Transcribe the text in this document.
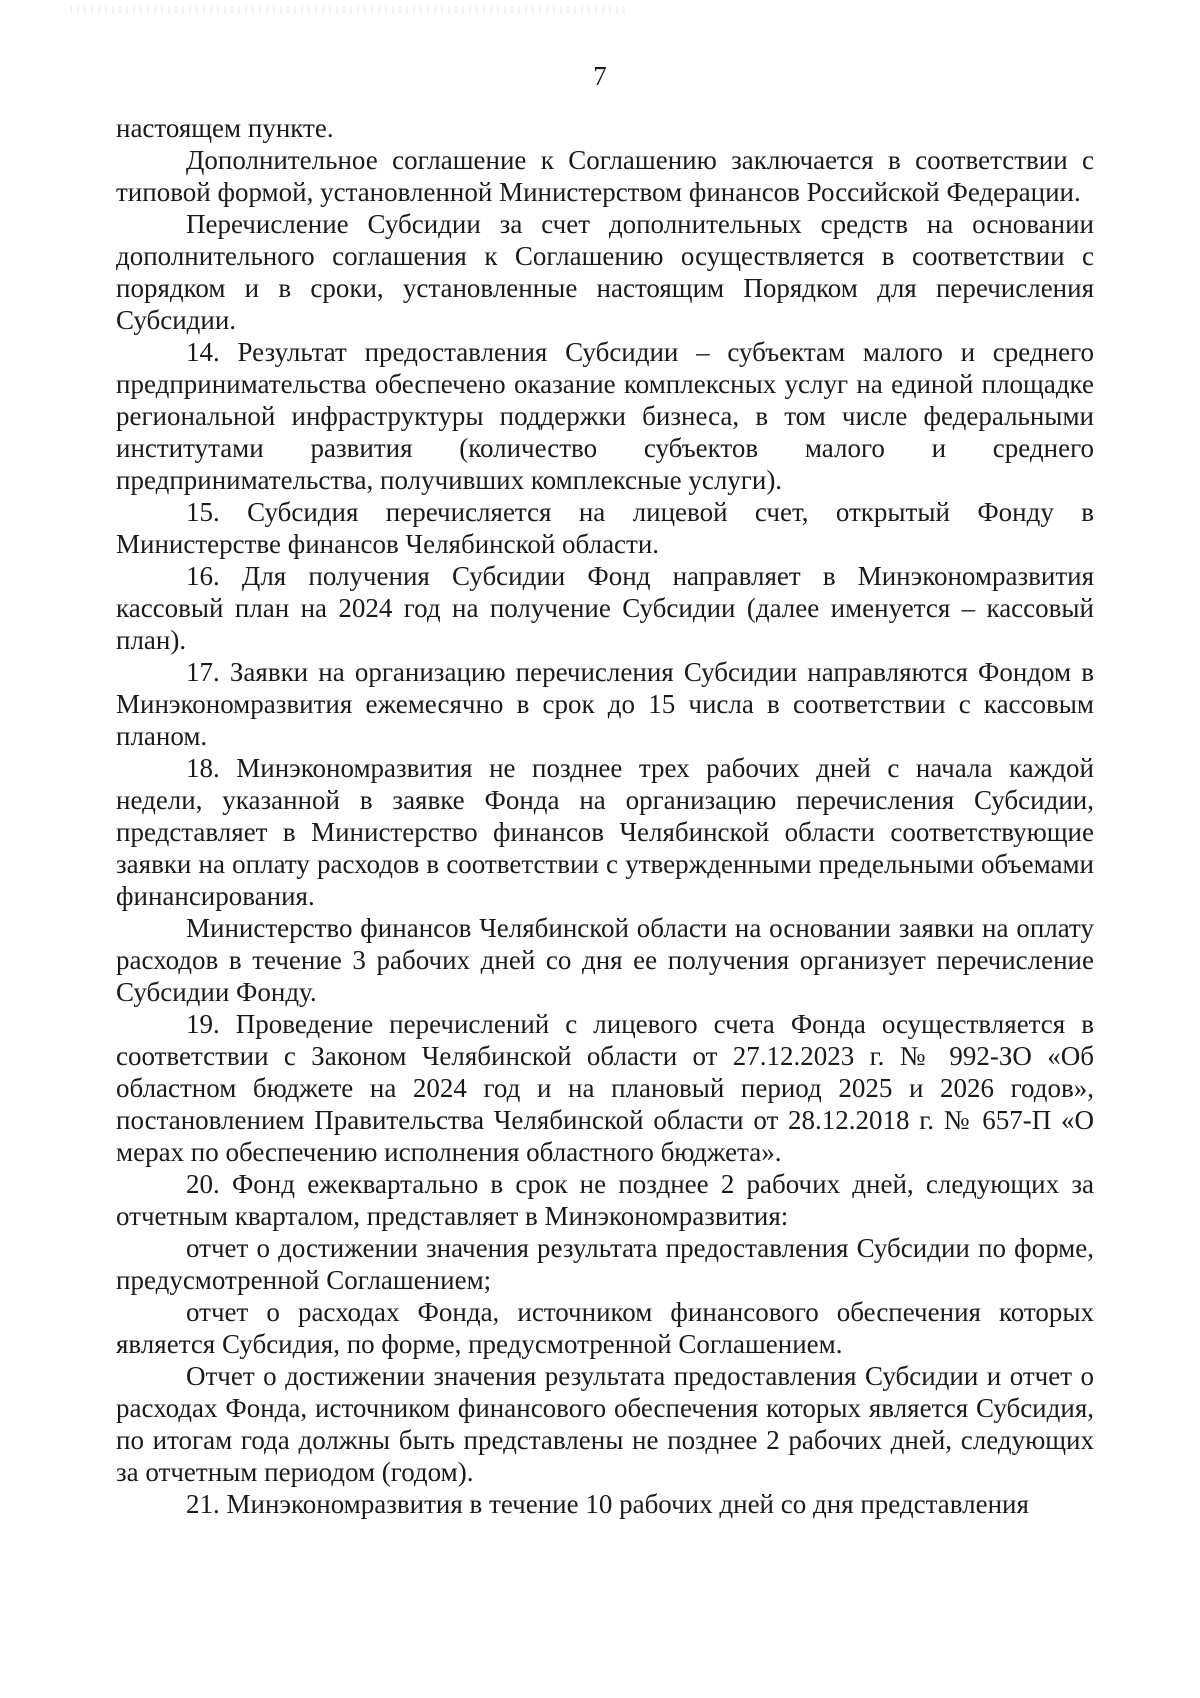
7

настоящем пункте.

Дополнительное соглашение к Соглашению заключается в соответствии с типовой формой, установленной Министерством финансов Российской Федерации.

Перечисление Субсидии за счет дополнительных средств на основании дополнительного соглашения к Соглашению осуществляется в соответствии с порядком и в сроки, установленные настоящим Порядком для перечисления Субсидии.

14. Результат предоставления Субсидии – субъектам малого и среднего предпринимательства обеспечено оказание комплексных услуг на единой площадке региональной инфраструктуры поддержки бизнеса, в том числе федеральными институтами развития (количество субъектов малого и среднего предпринимательства, получивших комплексные услуги).

15. Субсидия перечисляется на лицевой счет, открытый Фонду в Министерстве финансов Челябинской области.

16. Для получения Субсидии Фонд направляет в Минэкономразвития кассовый план на 2024 год на получение Субсидии (далее именуется – кассовый план).

17. Заявки на организацию перечисления Субсидии направляются Фондом в Минэкономразвития ежемесячно в срок до 15 числа в соответствии с кассовым планом.

18. Минэкономразвития не позднее трех рабочих дней с начала каждой недели, указанной в заявке Фонда на организацию перечисления Субсидии, представляет в Министерство финансов Челябинской области соответствующие заявки на оплату расходов в соответствии с утвержденными предельными объемами финансирования.

Министерство финансов Челябинской области на основании заявки на оплату расходов в течение 3 рабочих дней со дня ее получения организует перечисление Субсидии Фонду.

19. Проведение перечислений с лицевого счета Фонда осуществляется в соответствии с Законом Челябинской области от 27.12.2023 г. № 992-ЗО «Об областном бюджете на 2024 год и на плановый период 2025 и 2026 годов», постановлением Правительства Челябинской области от 28.12.2018 г. № 657-П «О мерах по обеспечению исполнения областного бюджета».

20. Фонд ежеквартально в срок не позднее 2 рабочих дней, следующих за отчетным кварталом, представляет в Минэкономразвития:

отчет о достижении значения результата предоставления Субсидии по форме, предусмотренной Соглашением;

отчет о расходах Фонда, источником финансового обеспечения которых является Субсидия, по форме, предусмотренной Соглашением.

Отчет о достижении значения результата предоставления Субсидии и отчет о расходах Фонда, источником финансового обеспечения которых является Субсидия, по итогам года должны быть представлены не позднее 2 рабочих дней, следующих за отчетным периодом (годом).

21. Минэкономразвития в течение 10 рабочих дней со дня представления
